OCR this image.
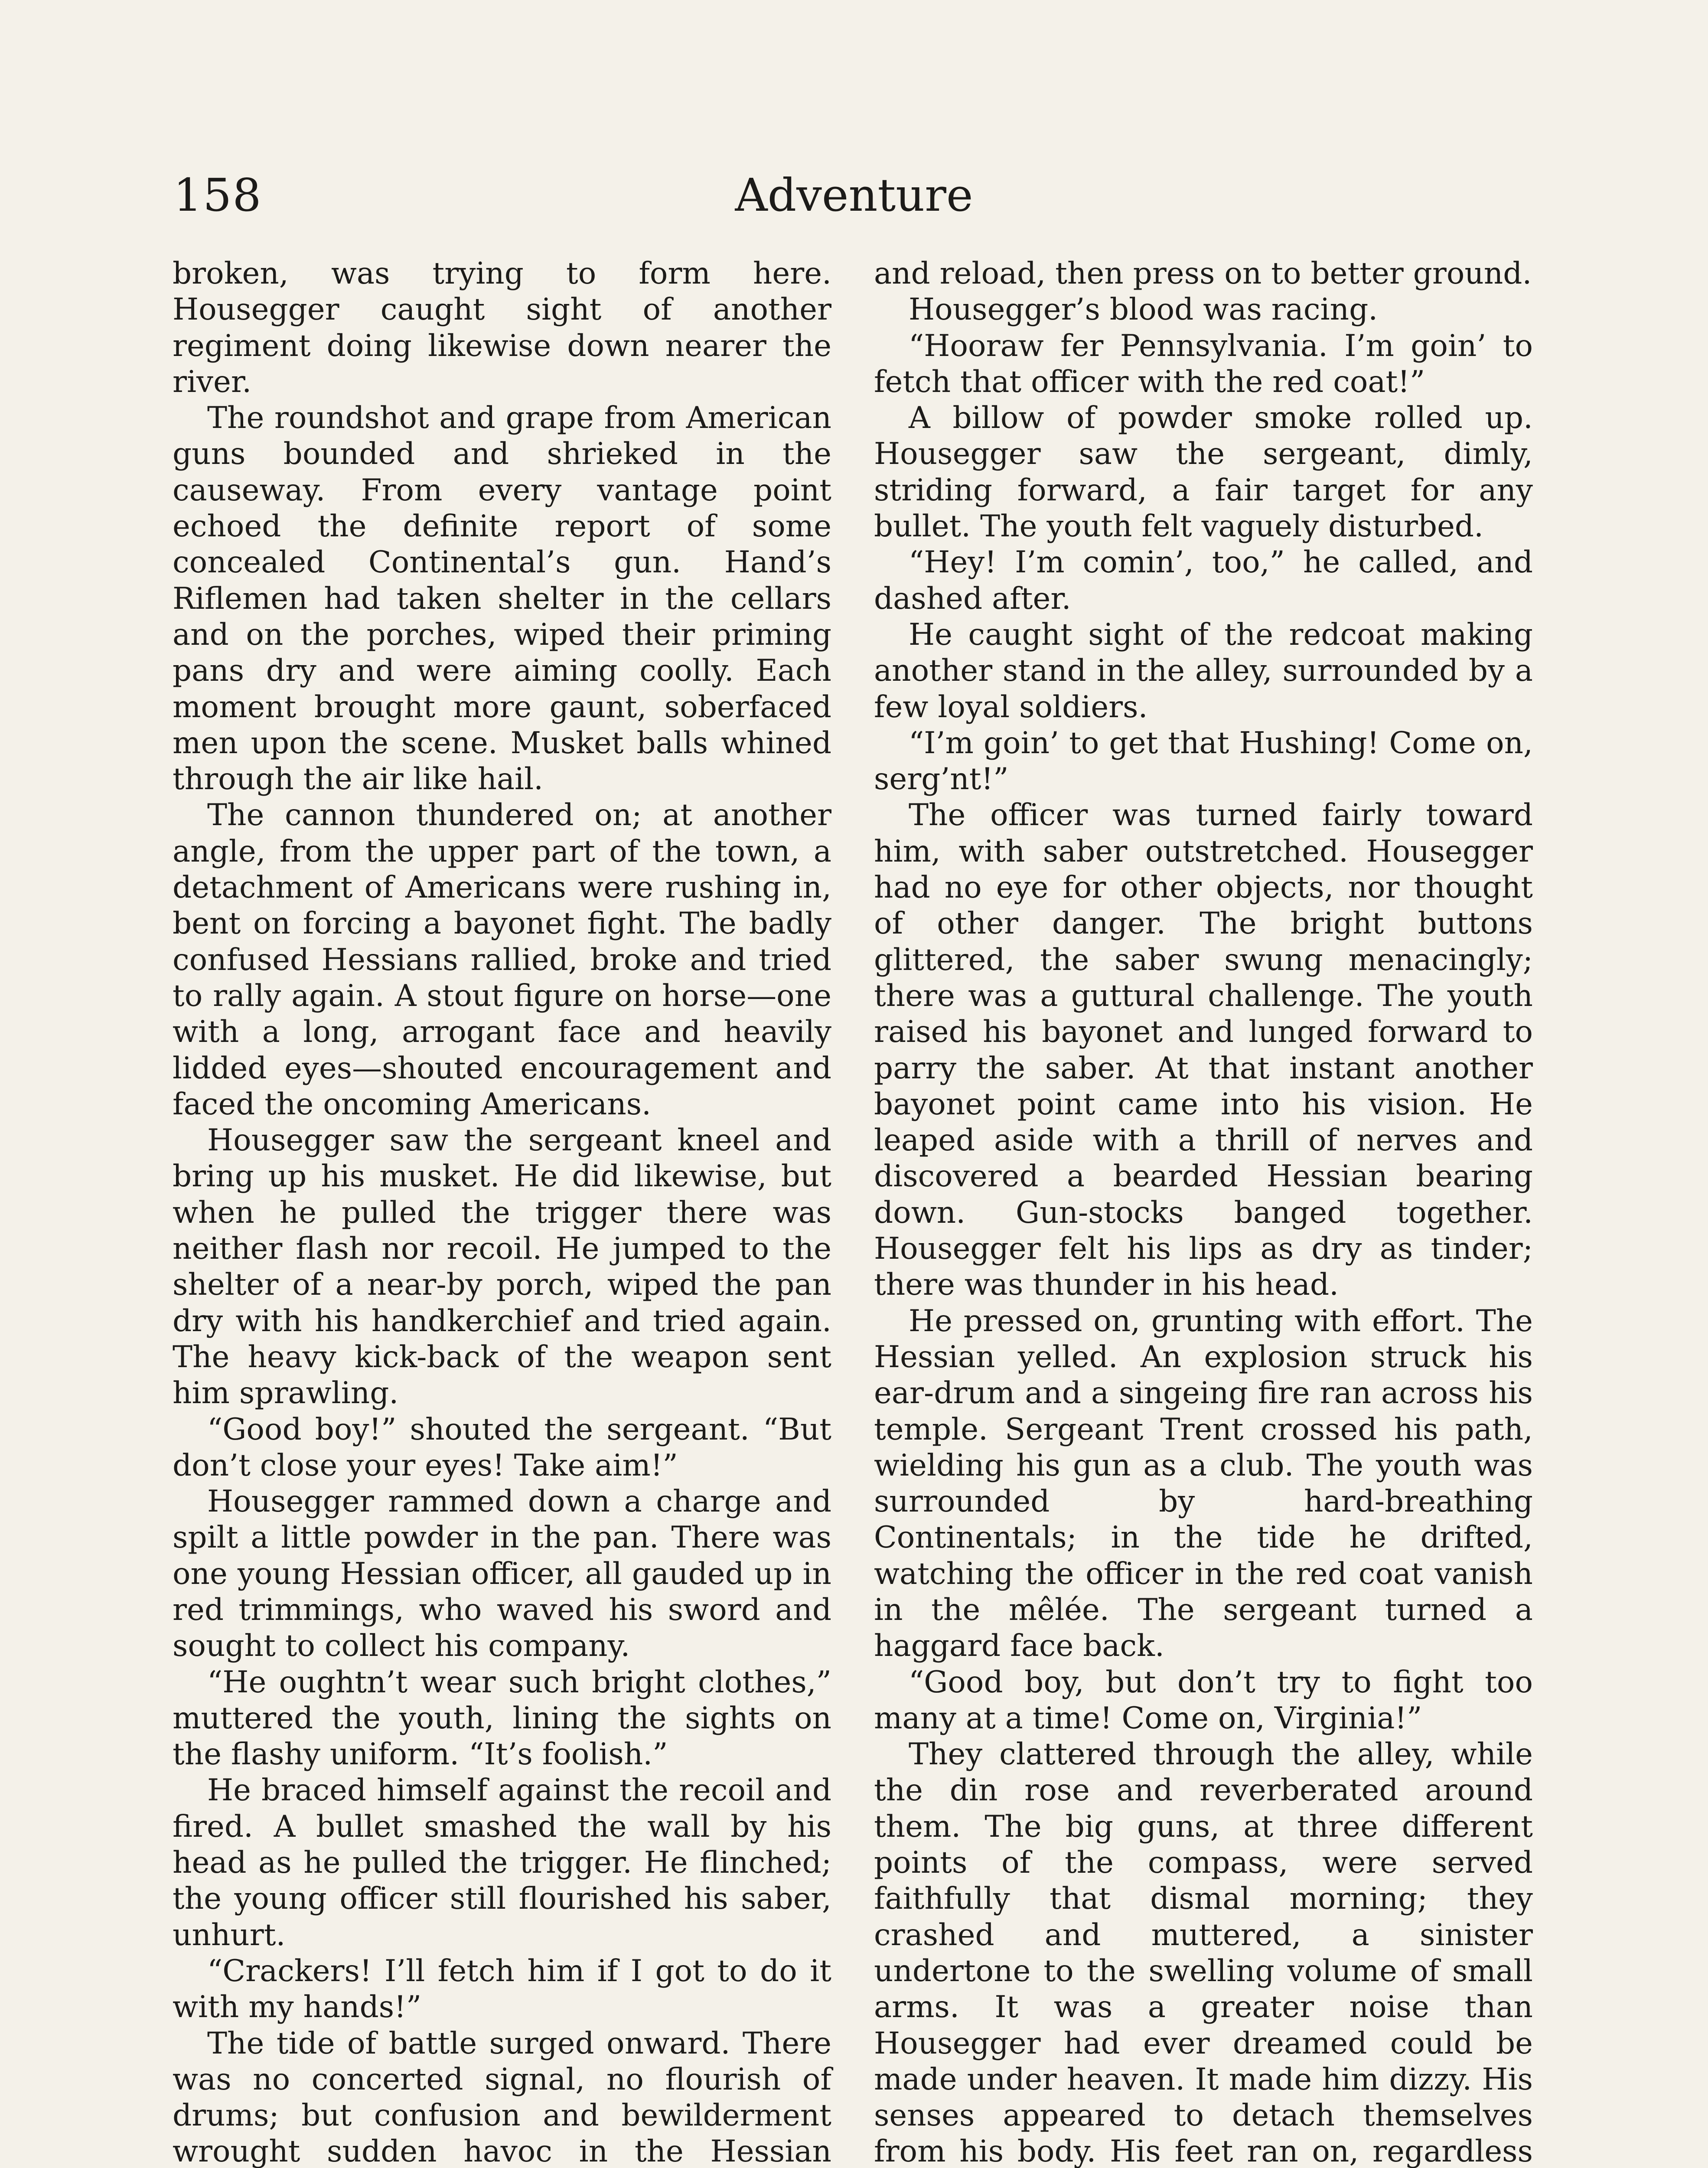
158	Adventure

broken, was trying to form here. Housegger caught sight of another regiment doing likewise down nearer the river.

The roundshot and grape from American guns bounded and shrieked in the causeway. From every vantage point echoed the definite report of some concealed Continental’s gun. Hand’s Riflemen had taken shelter in the cellars and on the porches, wiped their priming pans dry and were aiming coolly. Each moment brought more gaunt, soberfaced men upon the scene. Musket balls whined through the air like hail.

The cannon thundered on; at another angle, from the upper part of the town, a detachment of Americans were rushing in, bent on forcing a bayonet fight. The badly confused Hessians rallied, broke and tried to rally again. A stout figure on horse—one with a long, arrogant face and heavily lidded eyes—shouted encouragement and faced the oncoming Americans.

Housegger saw the sergeant kneel and bring up his musket. He did likewise, but when he pulled the trigger there was neither flash nor recoil. He jumped to the shelter of a near-by porch, wiped the pan dry with his handkerchief and tried again. The heavy kick-back of the weapon sent him sprawling.

“Good boy!” shouted the sergeant. “But don’t close your eyes! Take aim!”

Housegger rammed down a charge and spilt a little powder in the pan. There was one young Hessian officer, all gauded up in red trimmings, who waved his sword and sought to collect his company.

“He oughtn’t wear such bright clothes,” muttered the youth, lining the sights on the flashy uniform. “It’s foolish.”

He braced himself against the recoil and fired. A bullet smashed the wall by his head as he pulled the trigger. He flinched; the young officer still flourished his saber, unhurt.

“Crackers! I’ll fetch him if I got to do it with my hands!”

The tide of battle surged onward. There was no concerted signal, no flourish of drums; but confusion and bewilderment wrought sudden havoc in the Hessian

and reload, then press on to better ground.

Housegger’s blood was racing.

“Hooraw fer Pennsylvania. I’m goin’ to fetch that officer with the red coat!”

A billow of powder smoke rolled up. Housegger saw the sergeant, dimly, striding forward, a fair target for any bullet. The youth felt vaguely disturbed.

“Hey! I’m comin’, too,” he called, and dashed after.

He caught sight of the redcoat making another stand in the alley, surrounded by a few loyal soldiers.

“I’m goin’ to get that Hushing! Come on, serg’nt!”

The officer was turned fairly toward him, with saber outstretched. Housegger had no eye for other objects, nor thought of other danger. The bright buttons glittered, the saber swung menacingly; there was a guttural challenge. The youth raised his bayonet and lunged forward to parry the saber. At that instant another bayonet point came into his vision. He leaped aside with a thrill of nerves and discovered a bearded Hessian bearing down. Gun-stocks banged together. Housegger felt his lips as dry as tinder; there was thunder in his head.

He pressed on, grunting with effort. The Hessian yelled. An explosion struck his ear-drum and a singeing fire ran across his temple. Sergeant Trent crossed his path, wielding his gun as a club. The youth was surrounded by hard-breathing Continentals; in the tide he drifted, watching the officer in the red coat vanish in the mêlée. The sergeant turned a haggard face back.

“Good boy, but don’t try to fight too many at a time! Come on, Virginia!”

They clattered through the alley, while the din rose and reverberated around them. The big guns, at three different points of the compass, were served faithfully that dismal morning; they crashed and muttered, a sinister undertone to the swelling volume of small arms. It was a greater noise than Housegger had ever dreamed could be made under heaven. It made him dizzy. His senses appeared to detach themselves from his body. His feet ran on, regardless
